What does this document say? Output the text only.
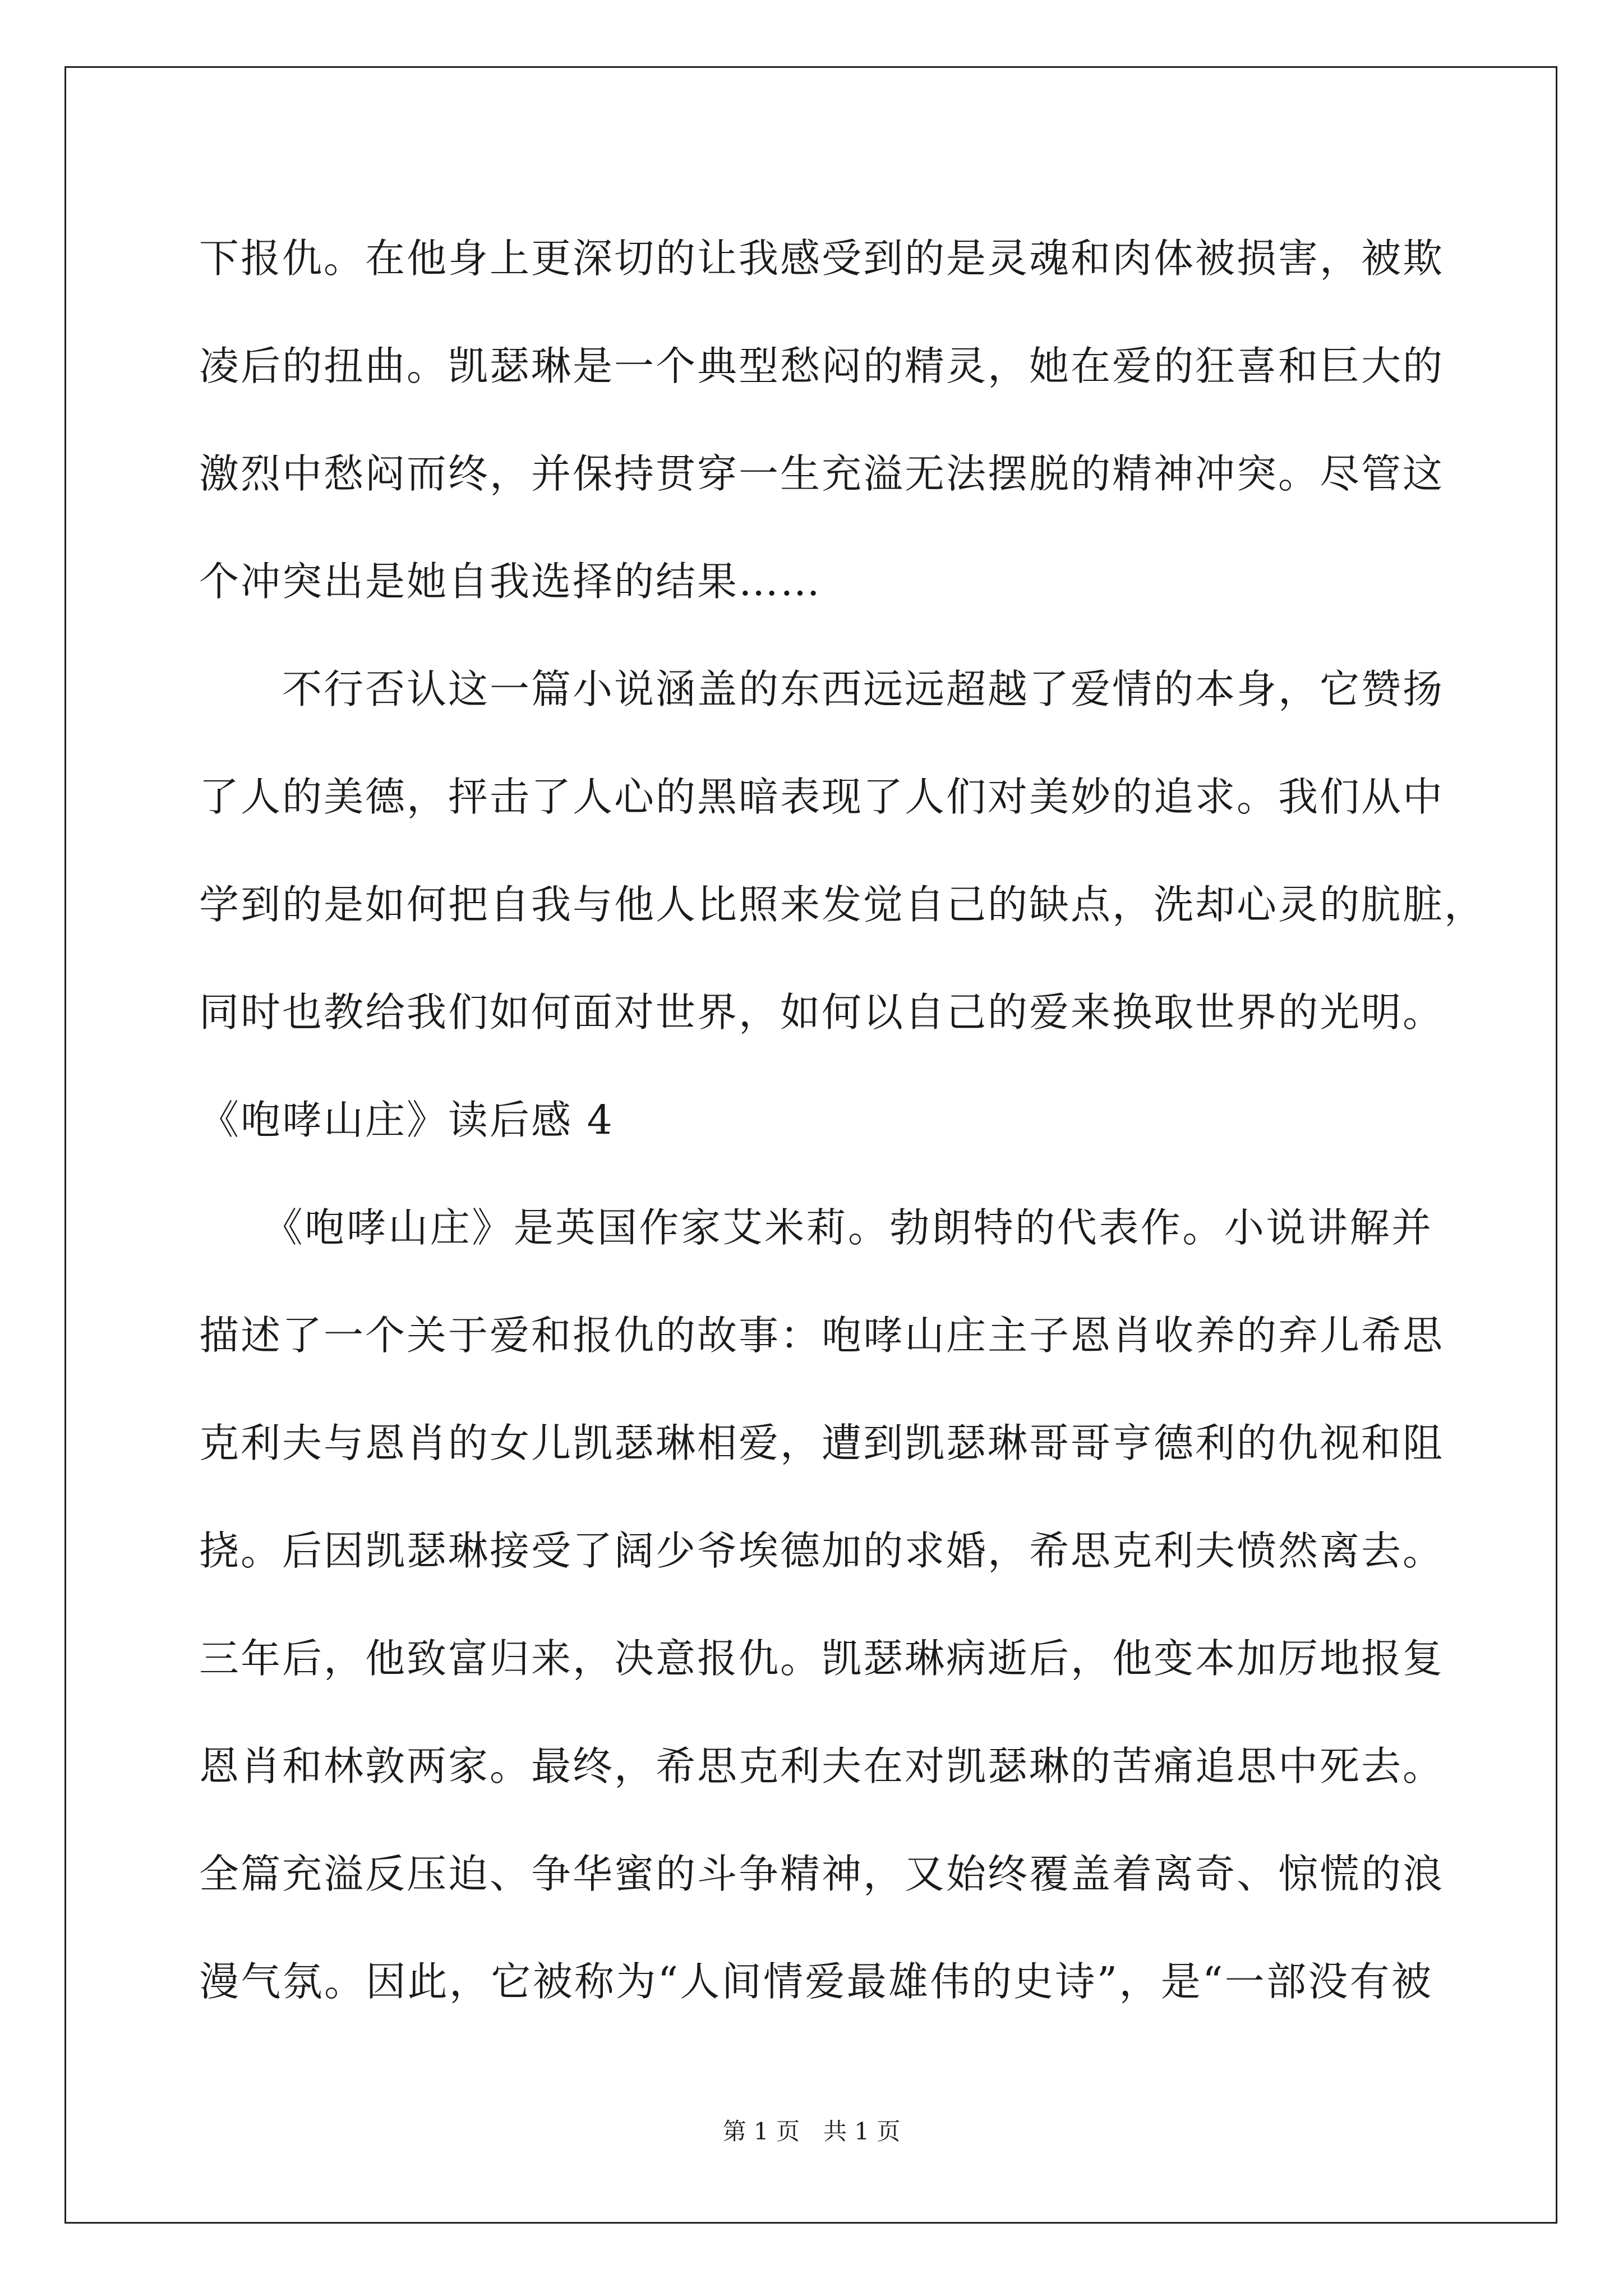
下报仇。在他身上更深切的让我感受到的是灵魂和肉体被损害，被欺
凌后的扭曲。凯瑟琳是一个典型愁闷的精灵，她在爱的狂喜和巨大的
激烈中愁闷而终，并保持贯穿一生充溢无法摆脱的精神冲突。尽管这
个冲突出是她自我选择的结果……
　　不行否认这一篇小说涵盖的东西远远超越了爱情的本身，它赞扬
了人的美德，抨击了人心的黑暗表现了人们对美妙的追求。我们从中
学到的是如何把自我与他人比照来发觉自己的缺点，洗却心灵的肮脏，
同时也教给我们如何面对世界，如何以自己的爱来换取世界的光明。
《咆哮山庄》读后感 4
　　《咆哮山庄》是英国作家艾米莉。勃朗特的代表作。小说讲解并
描述了一个关于爱和报仇的故事：咆哮山庄主子恩肖收养的弃儿希思
克利夫与恩肖的女儿凯瑟琳相爱，遭到凯瑟琳哥哥亨德利的仇视和阻
挠。后因凯瑟琳接受了阔少爷埃德加的求婚，希思克利夫愤然离去。
三年后，他致富归来，决意报仇。凯瑟琳病逝后，他变本加厉地报复
恩肖和林敦两家。最终，希思克利夫在对凯瑟琳的苦痛追思中死去。
全篇充溢反压迫、争华蜜的斗争精神，又始终覆盖着离奇、惊慌的浪
漫气氛。因此，它被称为“人间情爱最雄伟的史诗”，是“一部没有被
第 1 页　共 1 页
